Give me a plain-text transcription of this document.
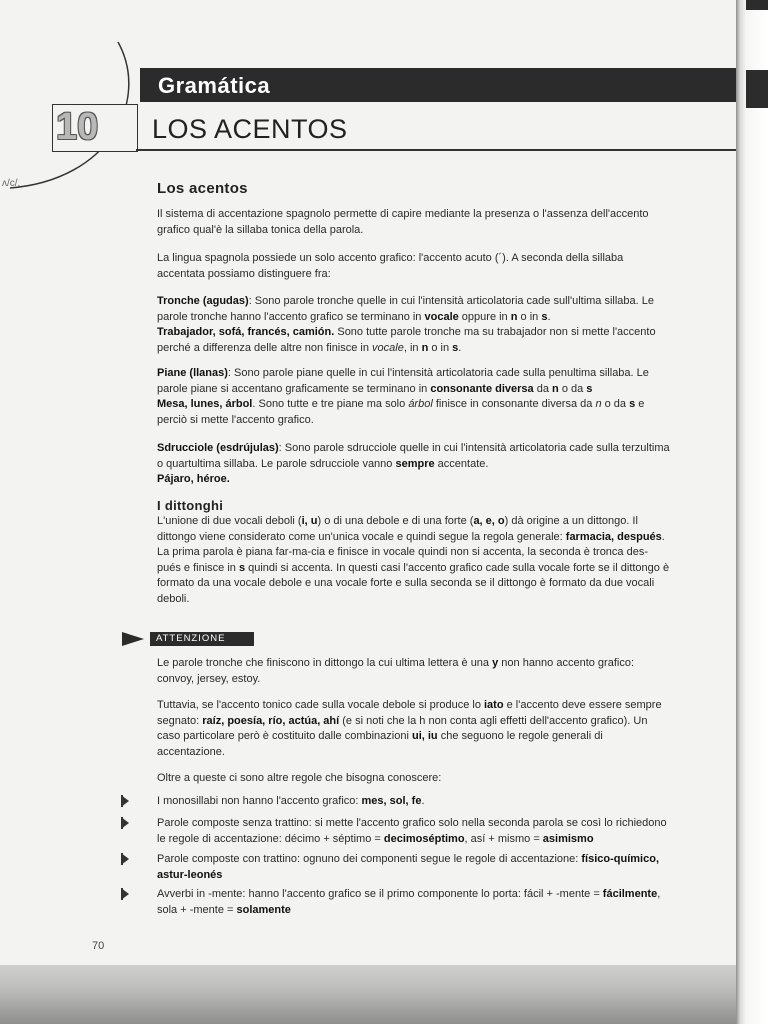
ʌ/c/.
Gramática
10	LOS ACENTOS
Los acentos

Il sistema di accentazione spagnolo permette di capire mediante la presenza o l'assenza dell'accento grafico qual'è la sillaba tonica della parola.

La lingua spagnola possiede un solo accento grafico: l'accento acuto (´). A seconda della sillaba accentata possiamo distinguere fra:

Tronche (agudas): Sono parole tronche quelle in cui l'intensità articolatoria cade sull'ultima sillaba. Le parole tronche hanno l'accento grafico se terminano in vocale oppure in n o in s.

Trabajador, sofá, francés, camión. Sono tutte parole tronche ma su trabajador non si mette l'accento perché a differenza delle altre non finisce in vocale, in n o in s.

Piane (llanas): Sono parole piane quelle in cui l'intensità articolatoria cade sulla penultima sillaba. Le parole piane si accentano graficamente se terminano in consonante diversa da n o da s

Mesa, lunes, árbol. Sono tutte e tre piane ma solo árbol finisce in consonante diversa da n o da s e perciò si mette l'accento grafico.

Sdrucciole (esdrújulas): Sono parole sdrucciole quelle in cui l'intensità articolatoria cade sulla terzultima o quartultima sillaba. Le parole sdrucciole vanno sempre accentate.

Pájaro, héroe.

I dittonghi

L'unione di due vocali deboli (i, u) o di una debole e di una forte (a, e, o) dà origine a un dittongo. Il dittongo viene considerato come un'unica vocale e quindi segue la regola generale: farmacia, después. La prima parola è piana far-ma-cia e finisce in vocale quindi non si accenta, la seconda è tronca des-pués e finisce in s quindi si accenta. In questi casi l'accento grafico cade sulla vocale forte se il dittongo è formato da una vocale debole e una vocale forte e sulla seconda se il dittongo è formato da due vocali deboli.

ATTENZIONE

Le parole tronche che finiscono in dittongo la cui ultima lettera è una y non hanno accento grafico: convoy, jersey, estoy.

Tuttavia, se l'accento tonico cade sulla vocale debole si produce lo iato e l'accento deve essere sempre segnato: raíz, poesía, río, actúa, ahí (e si noti che la h non conta agli effetti dell'accento grafico). Un caso particolare però è costituito dalle combinazioni ui, iu che seguono le regole generali di accentazione.

Oltre a queste ci sono altre regole che bisogna conoscere:

I monosillabi non hanno l'accento grafico: mes, sol, fe.

Parole composte senza trattino: si mette l'accento grafico solo nella seconda parola se così lo richiedono le regole di accentazione: décimo + séptimo = decimoséptimo, así + mismo = asimismo

Parole composte con trattino: ognuno dei componenti segue le regole di accentazione: físico-químico, astur-leonés

Avverbi in -mente: hanno l'accento grafico se il primo componente lo porta: fácil + -mente = fácilmente, sola + -mente = solamente

70
